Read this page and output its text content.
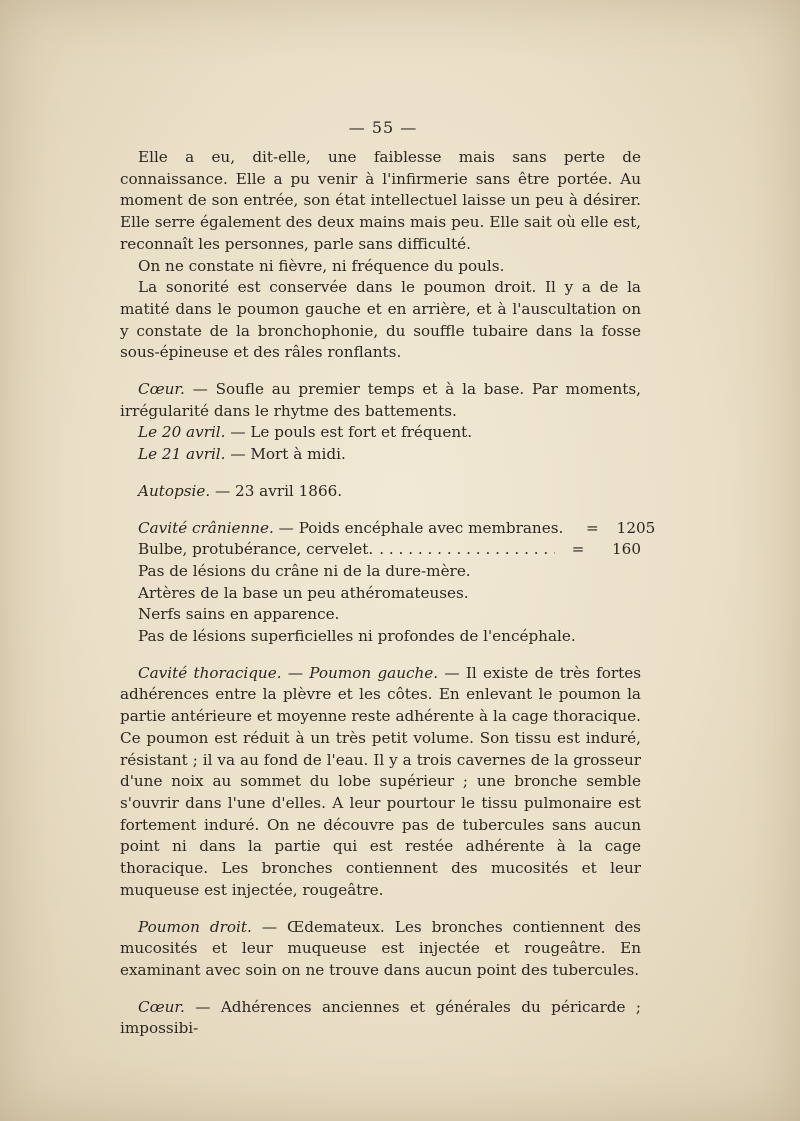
— 55 —

Elle a eu, dit-elle, une faiblesse mais sans perte de connaissance. Elle a pu venir à l'infirmerie sans être portée. Au moment de son entrée, son état intellectuel laisse un peu à désirer. Elle serre également des deux mains mais peu. Elle sait où elle est, reconnaît les personnes, parle sans difficulté.

On ne constate ni fièvre, ni fréquence du pouls.

La sonorité est conservée dans le poumon droit. Il y a de la matité dans le poumon gauche et en arrière, et à l'auscultation on y constate de la bronchophonie, du souffle tubaire dans la fosse sous-épineuse et des râles ronflants.

Cœur. — Soufle au premier temps et à la base. Par moments, irrégularité dans le rhytme des battements.

Le 20 avril. — Le pouls est fort et fréquent.

Le 21 avril. — Mort à midi.

Autopsie. — 23 avril 1866.

Cavité crânienne. — Poids encéphale avec membranes.	=	1205
Bulbe, protubérance, cervelet.
. . .	=	160

Pas de lésions du crâne ni de la dure-mère.

Artères de la base un peu athéromateuses.

Nerfs sains en apparence.

Pas de lésions superficielles ni profondes de l'encéphale.

Cavité thoracique. — Poumon gauche. — Il existe de très fortes adhérences entre la plèvre et les côtes. En enlevant le poumon la partie antérieure et moyenne reste adhérente à la cage thoracique. Ce poumon est réduit à un très petit volume. Son tissu est induré, résistant ; il va au fond de l'eau. Il y a trois cavernes de la grosseur d'une noix au sommet du lobe supérieur ; une bronche semble s'ouvrir dans l'une d'elles. A leur pourtour le tissu pulmonaire est fortement induré. On ne découvre pas de tubercules sans aucun point ni dans la partie qui est restée adhérente à la cage thoracique. Les bronches contiennent des mucosités et leur muqueuse est injectée, rougeâtre.

Poumon droit. — Œdemateux. Les bronches contiennent des mucosités et leur muqueuse est injectée et rougeâtre. En examinant avec soin on ne trouve dans aucun point des tubercules.

Cœur. — Adhérences anciennes et générales du péricarde ; impossibi-
